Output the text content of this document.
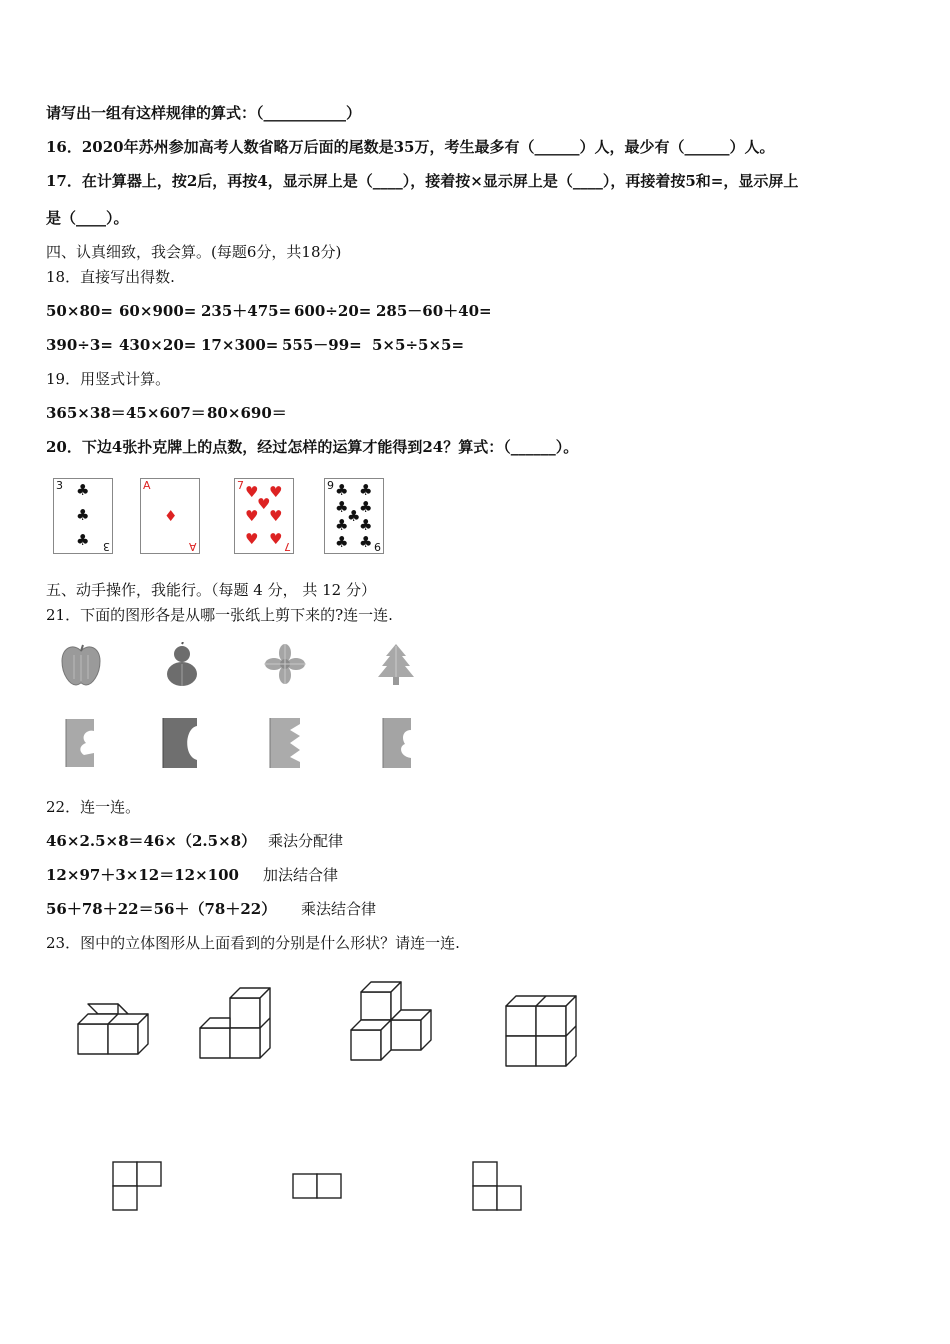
请写出一组有这样规律的算式：（___________）
16．2020年苏州参加高考人数省略万后面的尾数是35万，考生最多有（______）人，最少有（______）人。
17．在计算器上，按2后，再按4，显示屏上是（____），接着按×显示屏上是（____），再接着按5和=，显示屏上
是（____）。
四、认真细致，我会算。(每题6分，共18分)
18．直接写出得数.
50×80= 60×900= 235＋475= 600÷20= 285－60＋40=
390÷3= 430×20= 17×300= 555－99= 5×5÷5×5=
19．用竖式计算。
365×38＝45×607＝80×690＝
20．下边4张扑克牌上的点数，经过怎样的运算才能得到24？算式：（______）。
3 ♣
♣
♣ 3
A
♦
A
7 ♥ ♥
♥
♥ ♥
♥ ♥ 7
9 ♣ ♣
♣ ♣
♣
♣ ♣
♣ ♣ 9
五、动手操作，我能行。（每题 4 分， 共 12 分）
21．下面的图形各是从哪一张纸上剪下来的?连一连.
22．连一连。
46×2.5×8＝46×（2.5×8） 乘法分配律
12×97＋3×12＝12×100 加法结合律
56＋78＋22＝56＋（78＋22） 乘法结合律
23．图中的立体图形从上面看到的分别是什么形状？请连一连.
